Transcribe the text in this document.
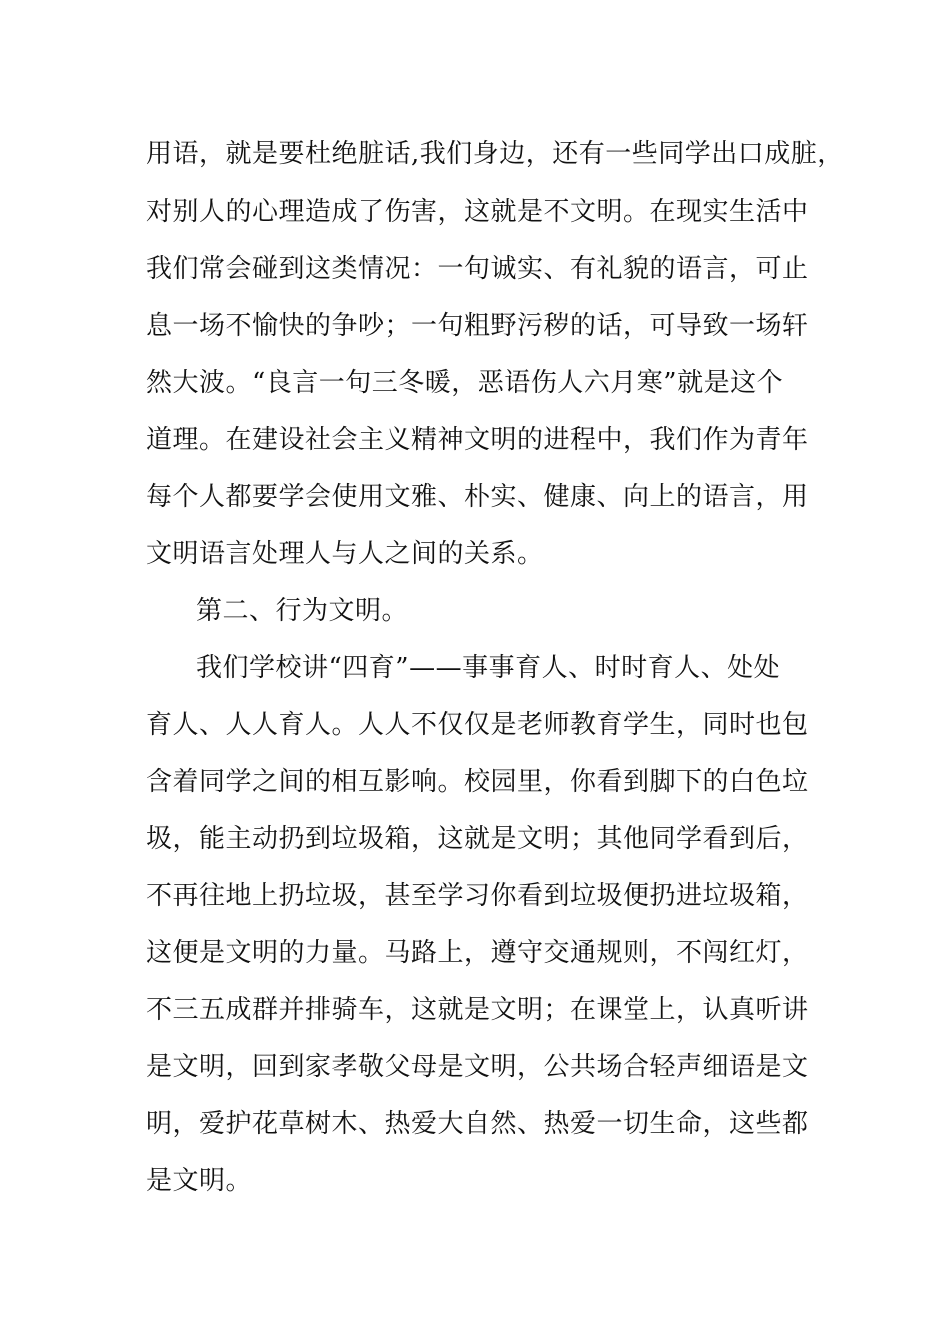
用语，就是要杜绝脏话,我们身边，还有一些同学出口成脏，
对别人的心理造成了伤害，这就是不文明。在现实生活中
我们常会碰到这类情况：一句诚实、有礼貌的语言，可止
息一场不愉快的争吵；一句粗野污秽的话，可导致一场轩
然大波。“良言一句三冬暖，恶语伤人六月寒”就是这个
道理。在建设社会主义精神文明的进程中，我们作为青年
每个人都要学会使用文雅、朴实、健康、向上的语言，用
文明语言处理人与人之间的关系。
第二、行为文明。
我们学校讲“四育”——事事育人、时时育人、处处
育人、人人育人。人人不仅仅是老师教育学生，同时也包
含着同学之间的相互影响。校园里，你看到脚下的白色垃
圾，能主动扔到垃圾箱，这就是文明；其他同学看到后，
不再往地上扔垃圾，甚至学习你看到垃圾便扔进垃圾箱，
这便是文明的力量。马路上，遵守交通规则，不闯红灯，
不三五成群并排骑车，这就是文明；在课堂上，认真听讲
是文明，回到家孝敬父母是文明，公共场合轻声细语是文
明，爱护花草树木、热爱大自然、热爱一切生命，这些都
是文明。
